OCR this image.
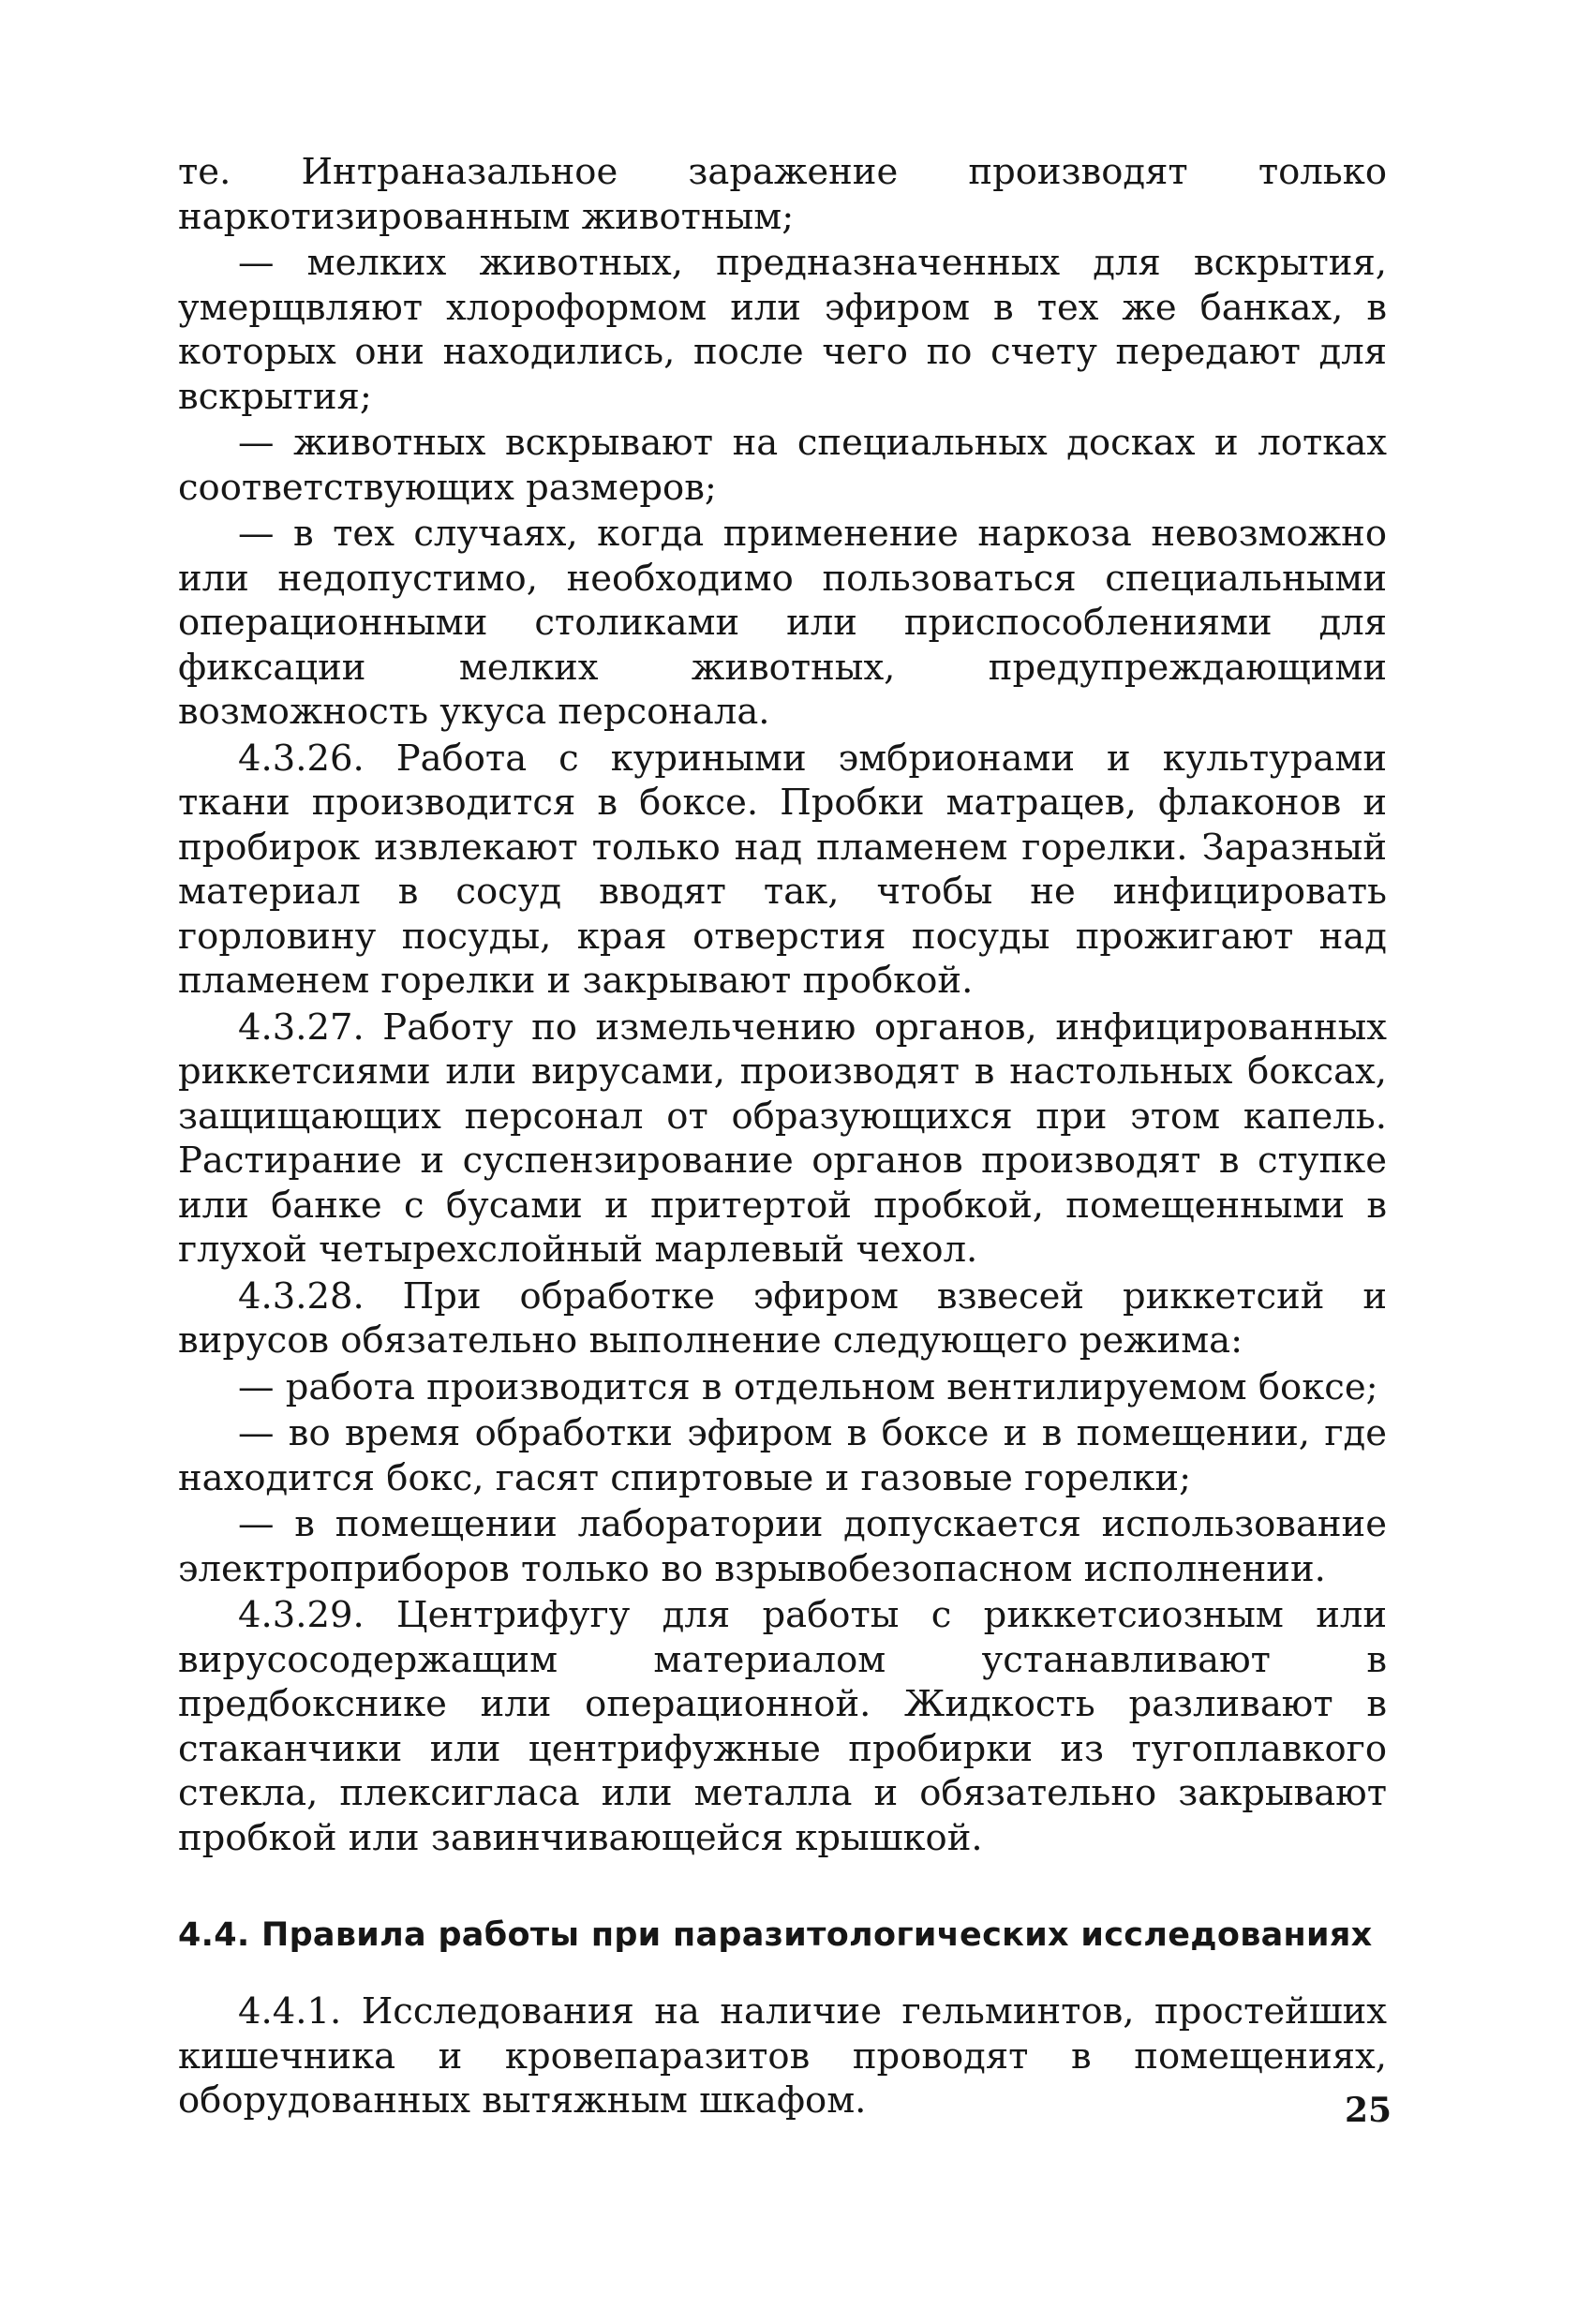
те. Интраназальное заражение производят только наркотизированным животным;

— мелких животных, предназначенных для вскрытия, умерщвляют хлороформом или эфиром в тех же банках, в которых они находились, после чего по счету передают для вскрытия;

— животных вскрывают на специальных досках и лотках соответствующих размеров;

— в тех случаях, когда применение наркоза невозможно или недопустимо, необходимо пользоваться специальными операционными столиками или приспособлениями для фиксации мелких животных, предупреждающими возможность укуса персонала.

4.3.26. Работа с куриными эмбрионами и культурами ткани производится в боксе. Пробки матрацев, флаконов и пробирок извлекают только над пламенем горелки. Заразный материал в сосуд вводят так, чтобы не инфицировать горловину посуды, края отверстия посуды прожигают над пламенем горелки и закрывают пробкой.

4.3.27. Работу по измельчению органов, инфицированных риккетсиями или вирусами, производят в настольных боксах, защищающих персонал от образующихся при этом капель. Растирание и суспензирование органов производят в ступке или банке с бусами и притертой пробкой, помещенными в глухой четырехслойный марлевый чехол.

4.3.28. При обработке эфиром взвесей риккетсий и вирусов обязательно выполнение следующего режима:

— работа производится в отдельном вентилируемом боксе;

— во время обработки эфиром в боксе и в помещении, где находится бокс, гасят спиртовые и газовые горелки;

— в помещении лаборатории допускается использование электроприборов только во взрывобезопасном исполнении.

4.3.29. Центрифугу для работы с риккетсиозным или вирусосодержащим материалом устанавливают в предбокснике или операционной. Жидкость разливают в стаканчики или центрифужные пробирки из тугоплавкого стекла, плексигласа или металла и обязательно закрывают пробкой или завинчивающейся крышкой.

4.4. Правила работы при паразитологических исследованиях

4.4.1. Исследования на наличие гельминтов, простейших кишечника и кровепаразитов проводят в помещениях, оборудованных вытяжным шкафом.	25
